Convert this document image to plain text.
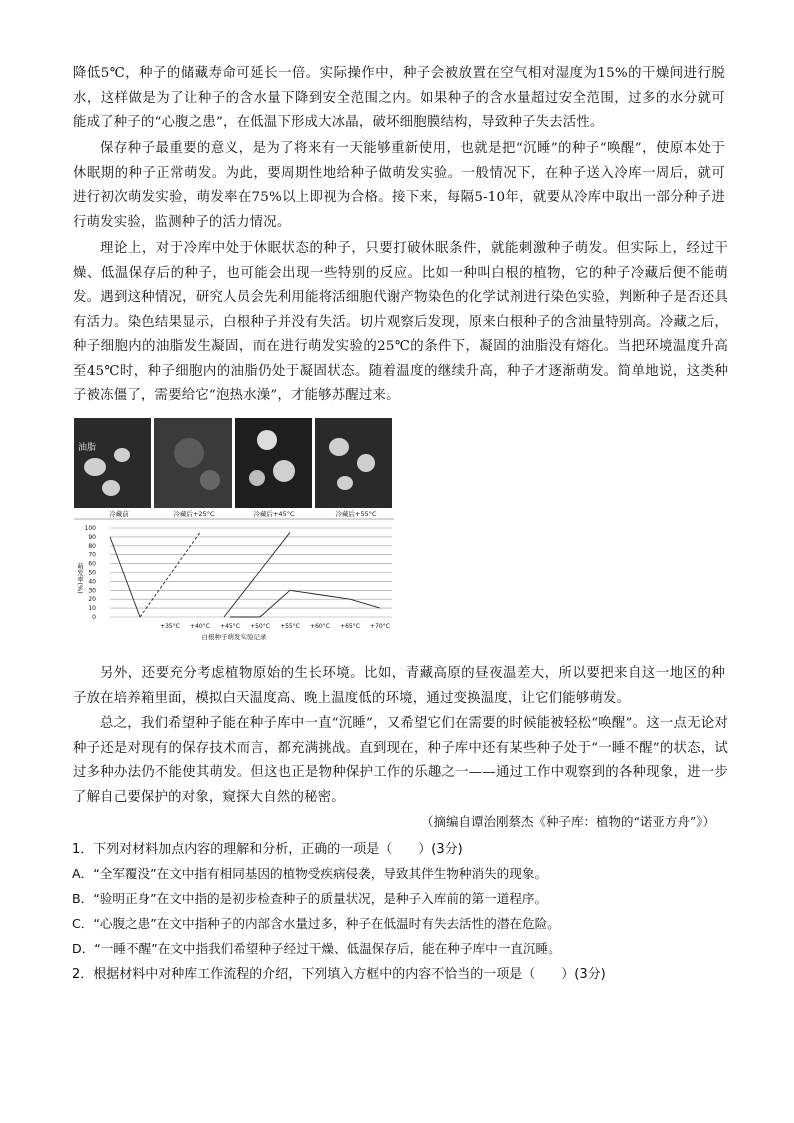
降低5℃，种子的储藏寿命可延长一倍。实际操作中，种子会被放置在空气相对湿度为15%的干燥间进行脱水，这样做是为了让种子的含水量下降到安全范围之内。如果种子的含水量超过安全范围，过多的水分就可能成了种子的“心腹之患”，在低温下形成大冰晶，破坏细胞膜结构，导致种子失去活性。

保存种子最重要的意义，是为了将来有一天能够重新使用，也就是把“沉睡”的种子“唤醒”，使原本处于休眠期的种子正常萌发。为此，要周期性地给种子做萌发实验。一般情况下，在种子送入冷库一周后，就可进行初次萌发实验，萌发率在75%以上即视为合格。接下来，每隔5-10年，就要从冷库中取出一部分种子进行萌发实验，监测种子的活力情况。

理论上，对于冷库中处于休眠状态的种子，只要打破休眠条件，就能刺激种子萌发。但实际上，经过干燥、低温保存后的种子，也可能会出现一些特别的反应。比如一种叫白根的植物，它的种子冷藏后便不能萌发。遇到这种情况，研究人员会先利用能将活细胞代谢产物染色的化学试剂进行染色实验，判断种子是否还具有活力。染色结果显示，白根种子并没有失活。切片观察后发现，原来白根种子的含油量特别高。冷藏之后，种子细胞内的油脂发生凝固，而在进行萌发实验的25℃的条件下，凝固的油脂没有熔化。当把环境温度升高至45℃时，种子细胞内的油脂仍处于凝固状态。随着温度的继续升高，种子才逐渐萌发。简单地说，这类种子被冻僵了，需要给它“泡热水澡”，才能够苏醒过来。

油脂
冷藏前	冷藏后+25°C	冷藏后+45°C	冷藏后+55°C
100
90
80
70
60
50
40
30
20
10
0
萌发率(%)
+35°C +40°C +45°C +50°C +55°C +60°C +65°C +70°C
白根种子萌发实验记录

另外，还要充分考虑植物原始的生长环境。比如，青藏高原的昼夜温差大，所以要把来自这一地区的种子放在培养箱里面，模拟白天温度高、晚上温度低的环境，通过变换温度，让它们能够萌发。

总之，我们希望种子能在种子库中一直“沉睡”，又希望它们在需要的时候能被轻松“唤醒”。这一点无论对种子还是对现有的保存技术而言，都充满挑战。直到现在，种子库中还有某些种子处于“一睡不醒”的状态，试过多种办法仍不能使其萌发。但这也正是物种保护工作的乐趣之一——通过工作中观察到的各种现象，进一步了解自己要保护的对象，窥探大自然的秘密。

（摘编自谭治刚蔡杰《种子库：植物的“诺亚方舟”》）
1．下列对材料加点内容的理解和分析，正确的一项是（　　）(3分)
A．“全军覆没”在文中指有相同基因的植物受疾病侵袭，导致其伴生物种消失的现象。
B．“验明正身”在文中指的是初步检查种子的质量状况，是种子入库前的第一道程序。
C．“心腹之患”在文中指种子的内部含水量过多，种子在低温时有失去活性的潜在危险。
D．“一睡不醒”在文中指我们希望种子经过干燥、低温保存后，能在种子库中一直沉睡。
2．根据材料中对种库工作流程的介绍，下列填入方框中的内容不恰当的一项是（　　）(3分)
